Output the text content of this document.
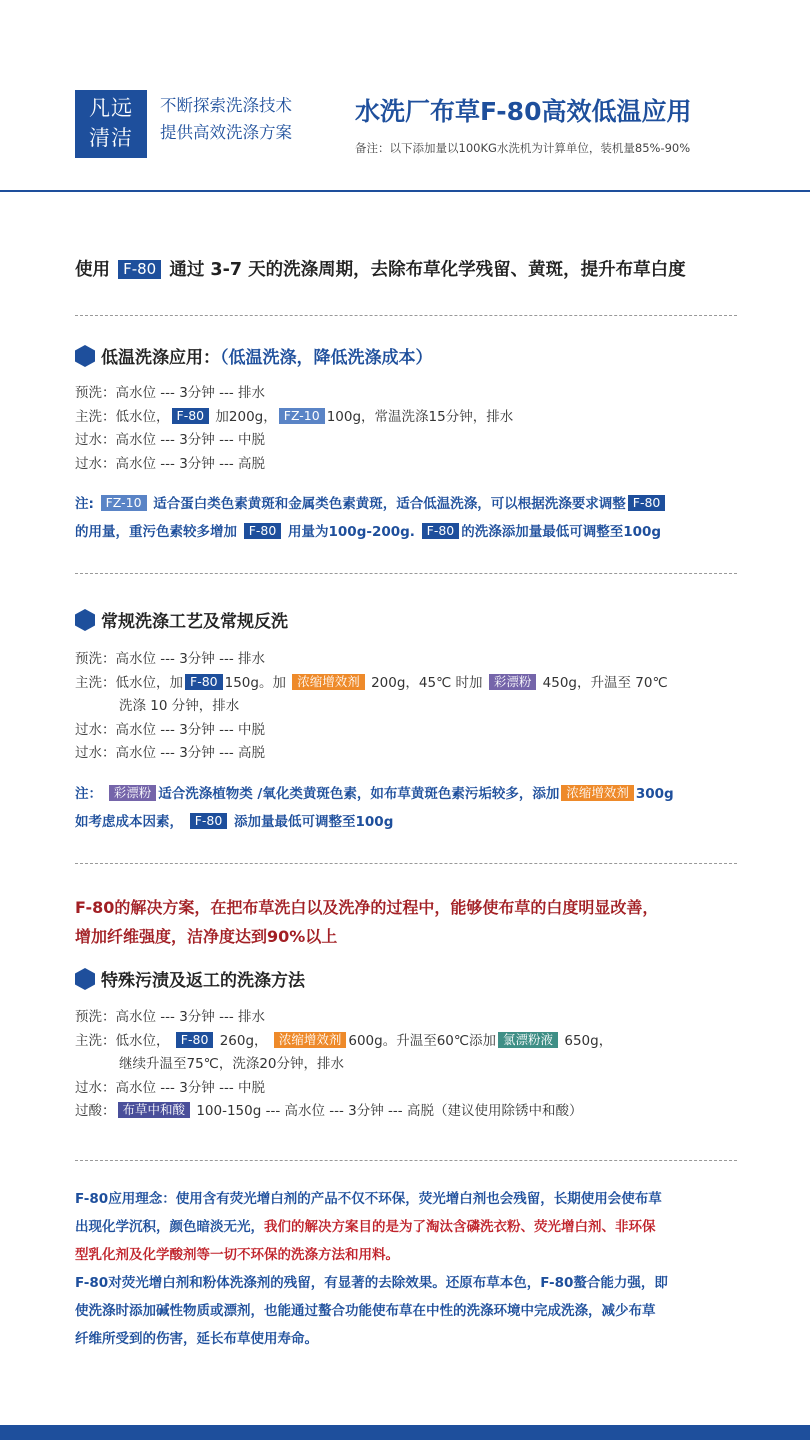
凡远
清洁
不断探索洗涤技术
提供高效洗涤方案
水洗厂布草F-80高效低温应用
备注：以下添加量以100KG水洗机为计算单位，装机量85%-90%
使用 F-80 通过 3-7 天的洗涤周期，去除布草化学残留、黄斑，提升布草白度
低温洗涤应用：（低温洗涤，降低洗涤成本）
预洗：高水位 --- 3分钟 --- 排水
主洗：低水位， F-80 加200g， FZ-10 100g，常温洗涤15分钟，排水
过水：高水位 --- 3分钟 --- 中脱
过水：高水位 --- 3分钟 --- 高脱
注: FZ-10 适合蛋白类色素黄斑和金属类色素黄斑，适合低温洗涤，可以根据洗涤要求调整 F-80
的用量，重污色素较多增加 F-80 用量为100g-200g. F-80 的洗涤添加量最低可调整至100g
常规洗涤工艺及常规反洗
预洗：高水位 --- 3分钟 --- 排水
主洗：低水位，加 F-80 150g。加 浓缩增效剂 200g，45℃ 时加 彩漂粉 450g，升温至 70℃
洗涤 10 分钟，排水
过水：高水位 --- 3分钟 --- 中脱
过水：高水位 --- 3分钟 --- 高脱
注： 彩漂粉 适合洗涤植物类 /氧化类黄斑色素，如布草黄斑色素污垢较多，添加 浓缩增效剂 300g
如考虑成本因素， F-80 添加量最低可调整至100g
F-80的解决方案，在把布草洗白以及洗净的过程中，能够使布草的白度明显改善，
增加纤维强度，洁净度达到90%以上
特殊污渍及返工的洗涤方法
预洗：高水位 --- 3分钟 --- 排水
主洗：低水位， F-80 260g， 浓缩增效剂 600g。升温至60℃添加 氯漂粉液 650g，
继续升温至75℃，洗涤20分钟，排水
过水：高水位 --- 3分钟 --- 中脱
过酸： 布草中和酸 100-150g --- 高水位 --- 3分钟 --- 高脱（建议使用除锈中和酸）
F-80应用理念：使用含有荧光增白剂的产品不仅不环保，荧光增白剂也会残留，长期使用会使布草
出现化学沉积，颜色暗淡无光，我们的解决方案目的是为了淘汰含磷洗衣粉、荧光增白剂、非环保
型乳化剂及化学酸剂等一切不环保的洗涤方法和用料。
F-80对荧光增白剂和粉体洗涤剂的残留，有显著的去除效果。还原布草本色，F-80螯合能力强，即
使洗涤时添加碱性物质或漂剂，也能通过螯合功能使布草在中性的洗涤环境中完成洗涤，减少布草
纤维所受到的伤害，延长布草使用寿命。
